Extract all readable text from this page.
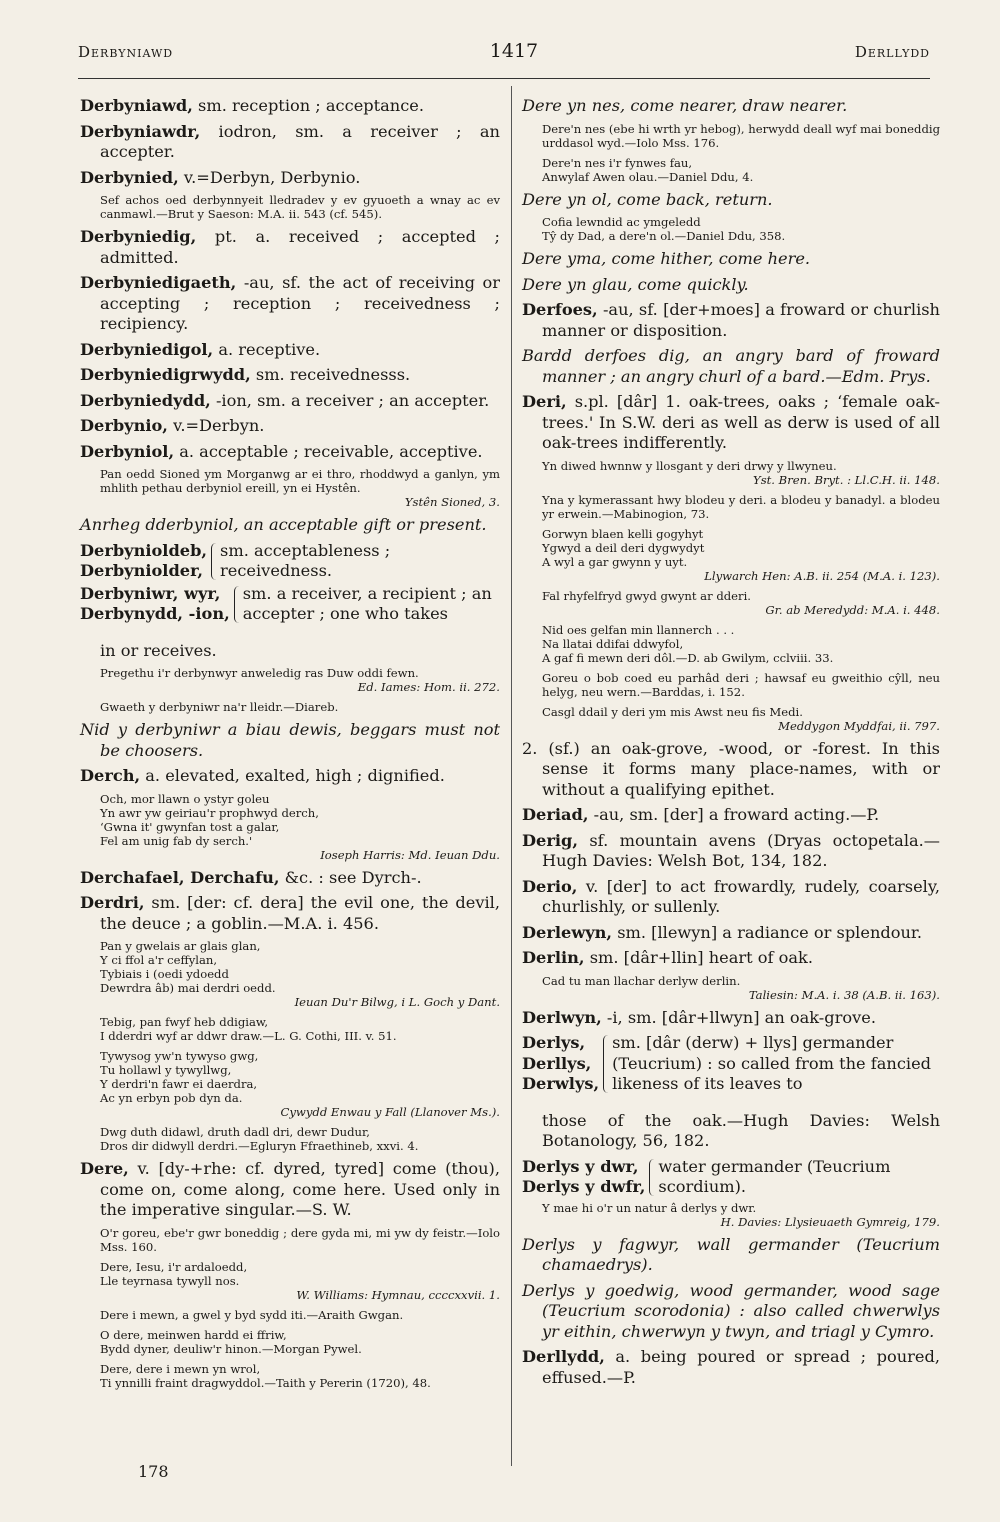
Derbyniawd	1417	Derllydd

Derbyniawd, sm. reception ; acceptance.

Derbyniawdr, iodron, sm. a receiver ; an accepter.

Derbynied, v.=Derbyn, Derbynio.

Sef achos oed derbynnyeit lledradev y ev gyuoeth a wnay ac ev canmawl.—Brut y Saeson: M.A. ii. 543 (cf. 545).

Derbyniedig, pt. a. received ; accepted ; admitted.

Derbyniedigaeth, -au, sf. the act of receiving or accepting ; reception ; receivedness ; recipiency.

Derbyniedigol, a. receptive.

Derbyniedigrwydd, sm. receivednesss.

Derbyniedydd, -ion, sm. a receiver ; an accepter.

Derbynio, v.=Derbyn.

Derbyniol, a. acceptable ; receivable, acceptive.

Pan oedd Sioned ym Morganwg ar ei thro, rhoddwyd a ganlyn, ym mhlith pethau derbyniol ereill, yn ei Hystên.
Ystên Sioned, 3.

Anrheg dderbyniol, an acceptable gift or present.

Derbynioldeb,
Derbyniolder,
sm. acceptableness ; receivedness.
Derbyniwr, wyr,
Derbynydd, -ion,
sm. a receiver, a recipient ; an accepter ; one who takes

in or receives.

Pregethu i'r derbynwyr anweledig ras Duw oddi fewn.
Ed. Iames: Hom. ii. 272.
Gwaeth y derbyniwr na'r lleidr.—Diareb.

Nid y derbyniwr a biau dewis, beggars must not be choosers.

Derch, a. elevated, exalted, high ; dignified.

Och, mor llawn o ystyr goleu
Yn awr yw geiriau'r prophwyd derch,
‘Gwna it' gwynfan tost a galar,
Fel am unig fab dy serch.'
Ioseph Harris: Md. Ieuan Ddu.

Derchafael, Derchafu, &c. : see Dyrch-.

Derdri, sm. [der: cf. dera] the evil one, the devil, the deuce ; a goblin.—M.A. i. 456.

Pan y gwelais ar glais glan,
Y ci ffol a'r ceffylan,
Tybiais i (oedi ydoedd
Dewrdra âb) mai derdri oedd.
Ieuan Du'r Bilwg, i L. Goch y Dant.
Tebig, pan fwyf heb ddigiaw,
I dderdri wyf ar ddwr draw.—L. G. Cothi, III. v. 51.
Tywysog yw'n tywyso gwg,
Tu hollawl y tywyllwg,
Y derdri'n fawr ei daerdra,
Ac yn erbyn pob dyn da.
Cywydd Enwau y Fall (Llanover Ms.).
Dwg duth didawl, druth dadl dri, dewr Dudur,
Dros dir didwyll derdri.—Egluryn Ffraethineb, xxvi. 4.

Dere, v. [dy-+rhe: cf. dyred, tyred] come (thou), come on, come along, come here. Used only in the imperative singular.—S. W.

O'r goreu, ebe'r gwr boneddig ; dere gyda mi, mi yw dy feistr.—Iolo Mss. 160.
Dere, Iesu, i'r ardaloedd,
Lle teyrnasa tywyll nos.
W. Williams: Hymnau, ccccxxvii. 1.
Dere i mewn, a gwel y byd sydd iti.—Araith Gwgan.
O dere, meinwen hardd ei ffriw,
Bydd dyner, deuliw'r hinon.—Morgan Pywel.
Dere, dere i mewn yn wrol,
Ti ynnilli fraint dragwyddol.—Taith y Pererin (1720), 48.

Dere yn nes, come nearer, draw nearer.

Dere'n nes (ebe hi wrth yr hebog), herwydd deall wyf mai boneddig urddasol wyd.—Iolo Mss. 176.
Dere'n nes i'r fynwes fau,
Anwylaf Awen olau.—Daniel Ddu, 4.

Dere yn ol, come back, return.

Cofia lewndid ac ymgeledd
Tŷ dy Dad, a dere'n ol.—Daniel Ddu, 358.

Dere yma, come hither, come here.

Dere yn glau, come quickly.

Derfoes, -au, sf. [der+moes] a froward or churlish manner or disposition.

Bardd derfoes dig, an angry bard of froward manner ; an angry churl of a bard.—Edm. Prys.

Deri, s.pl. [dâr] 1. oak-trees, oaks ; ‘female oak-trees.' In S.W. deri as well as derw is used of all oak-trees indifferently.

Yn diwed hwnnw y llosgant y deri drwy y llwyneu.
Yst. Bren. Bryt. : Ll.C.H. ii. 148.
Yna y kymerassant hwy blodeu y deri. a blodeu y banadyl. a blodeu yr erwein.—Mabinogion, 73.
Gorwyn blaen kelli gogyhyt
Ygwyd a deil deri dygwydyt
A wyl a gar gwynn y uyt.
Llywarch Hen: A.B. ii. 254 (M.A. i. 123).
Fal rhyfelfryd gwyd gwynt ar dderi.
Gr. ab Meredydd: M.A. i. 448.
Nid oes gelfan min llannerch . . .
Na llatai ddifai ddwyfol,
A gaf fi mewn deri dôl.—D. ab Gwilym, cclviii. 33.
Goreu o bob coed eu parhâd deri ; hawsaf eu gweithio cŷll, neu helyg, neu wern.—Barddas, i. 152.
Casgl ddail y deri ym mis Awst neu fis Medi.
Meddygon Myddfai, ii. 797.

2. (sf.) an oak-grove, -wood, or -forest. In this sense it forms many place-names, with or without a qualifying epithet.

Deriad, -au, sm. [der] a froward acting.—P.

Derig, sf. mountain avens (Dryas octopetala.—Hugh Davies: Welsh Bot, 134, 182.

Derio, v. [der] to act frowardly, rudely, coarsely, churlishly, or sullenly.

Derlewyn, sm. [llewyn] a radiance or splendour.

Derlin, sm. [dâr+llin] heart of oak.

Cad tu man llachar derlyw derlin.
Taliesin: M.A. i. 38 (A.B. ii. 163).

Derlwyn, -i, sm. [dâr+llwyn] an oak-grove.

Derlys,
Derllys,
Derwlys,
sm. [dâr (derw) + llys] germander (Teucrium) : so called from the fancied likeness of its leaves to

those of the oak.—Hugh Davies: Welsh Botanology, 56, 182.

Derlys y dwr,
Derlys y dwfr,
water germander (Teucrium scordium).
Y mae hi o'r un natur â derlys y dwr.
H. Davies: Llysieuaeth Gymreig, 179.

Derlys y fagwyr, wall germander (Teucrium chamaedrys).

Derlys y goedwig, wood germander, wood sage (Teucrium scorodonia) : also called chwerwlys yr eithin, chwerwyn y twyn, and triagl y Cymro.

Derllydd, a. being poured or spread ; poured, effused.—P.

178
